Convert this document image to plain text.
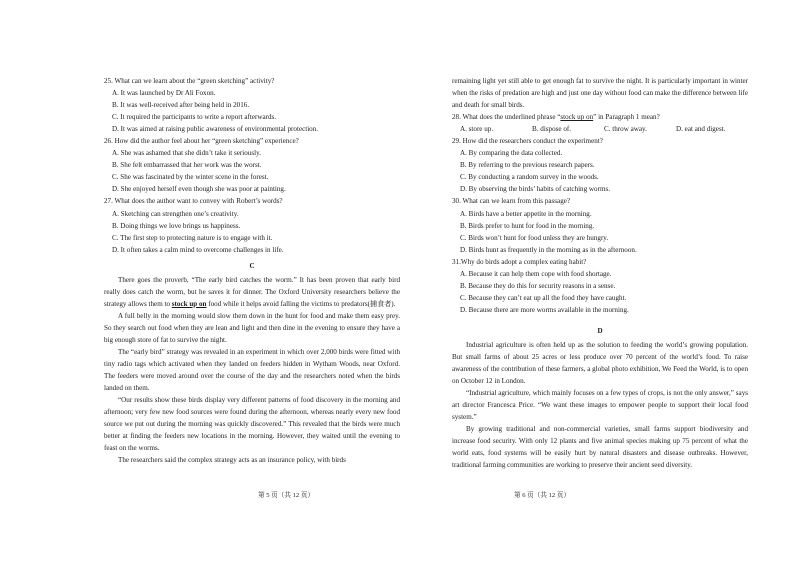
25. What can we learn about the “green sketching” activity?
A. It was launched by Dr Ali Foxon.
B. It was well-received after being held in 2016.
C. It required the participants to write a report afterwards.
D. It was aimed at raising public awareness of environmental protection.
26. How did the author feel about her “green sketching” experience?
A. She was ashamed that she didn’t take it seriously.
B. She felt embarrassed that her work was the worst.
C. She was fascinated by the winter scene in the forest.
D. She enjoyed herself even though she was poor at painting.
27. What does the author want to convey with Robert’s words?
A. Sketching can strengthen one’s creativity.
B. Doing things we love brings us happiness.
C. The first step to protecting nature is to engage with it.
D. It often takes a calm mind to overcome challenges in life.
C
There goes the proverb, “The early bird catches the worm.” It has been proven that early bird really does catch the worm, but he saves it for dinner. The Oxford University researchers believe the strategy allows them to stock up on food while it helps avoid falling the victims to predators(捕食者).
A full belly in the morning would slow them down in the hunt for food and make them easy prey. So they search out food when they are lean and light and then dine in the evening to ensure they have a big enough store of fat to survive the night.
The “early bird” strategy was revealed in an experiment in which over 2,000 birds were fitted with tiny radio tags which activated when they landed on feeders hidden in Wytham Woods, near Oxford. The feeders were moved around over the course of the day and the researchers noted when the birds landed on them.
“Our results show these birds display very different patterns of food discovery in the morning and afternoon; very few new food sources were found during the afternoon, whereas nearly every new food source we put out during the morning was quickly discovered.” This revealed that the birds were much better at finding the feeders new locations in the morning. However, they waited until the evening to feast on the worms.
The researchers said the complex strategy acts as an insurance policy, with birds
remaining light yet still able to get enough fat to survive the night. It is particularly important in winter when the risks of predation are high and just one day without food can make the difference between life and death for small birds.
28. What does the underlined phrase “stock up on” in Paragraph 1 mean?
A. store up.	B. dispose of.	C. throw away.	D. eat and digest.
29. How did the researchers conduct the experiment?
A. By comparing the data collected.
B. By referring to the previous research papers.
C. By conducting a random survey in the woods.
D. By observing the birds’ habits of catching worms.
30. What can we learn from this passage?
A. Birds have a better appetite in the morning.
B. Birds prefer to hunt for food in the morning.
C. Birds won’t hunt for food unless they are hungry.
D. Birds hunt as frequently in the morning as in the afternoon.
31.Why do birds adopt a complex eating habit?
A. Because it can help them cope with food shortage.
B. Because they do this for security reasons in a sense.
C. Because they can’t eat up all the food they have caught.
D. Because there are more worms available in the morning.
D
Industrial agriculture is often held up as the solution to feeding the world’s growing population. But small farms of about 25 acres or less produce over 70 percent of the world’s food. To raise awareness of the contribution of these farmers, a global photo exhibition, We Feed the World, is to open on October 12 in London.
“Industrial agriculture, which mainly focuses on a few types of crops, is not the only answer,” says art director Francesca Price. “We want these images to empower people to support their local food system.”
By growing traditional and non-commercial varieties, small farms support biodiversity and increase food security. With only 12 plants and five animal species making up 75 percent of what the world eats, food systems will be easily hurt by natural disasters and disease outbreaks. However, traditional farming communities are working to preserve their ancient seed diversity.
第 5 页（共 12 页）	第 6 页（共 12 页）
